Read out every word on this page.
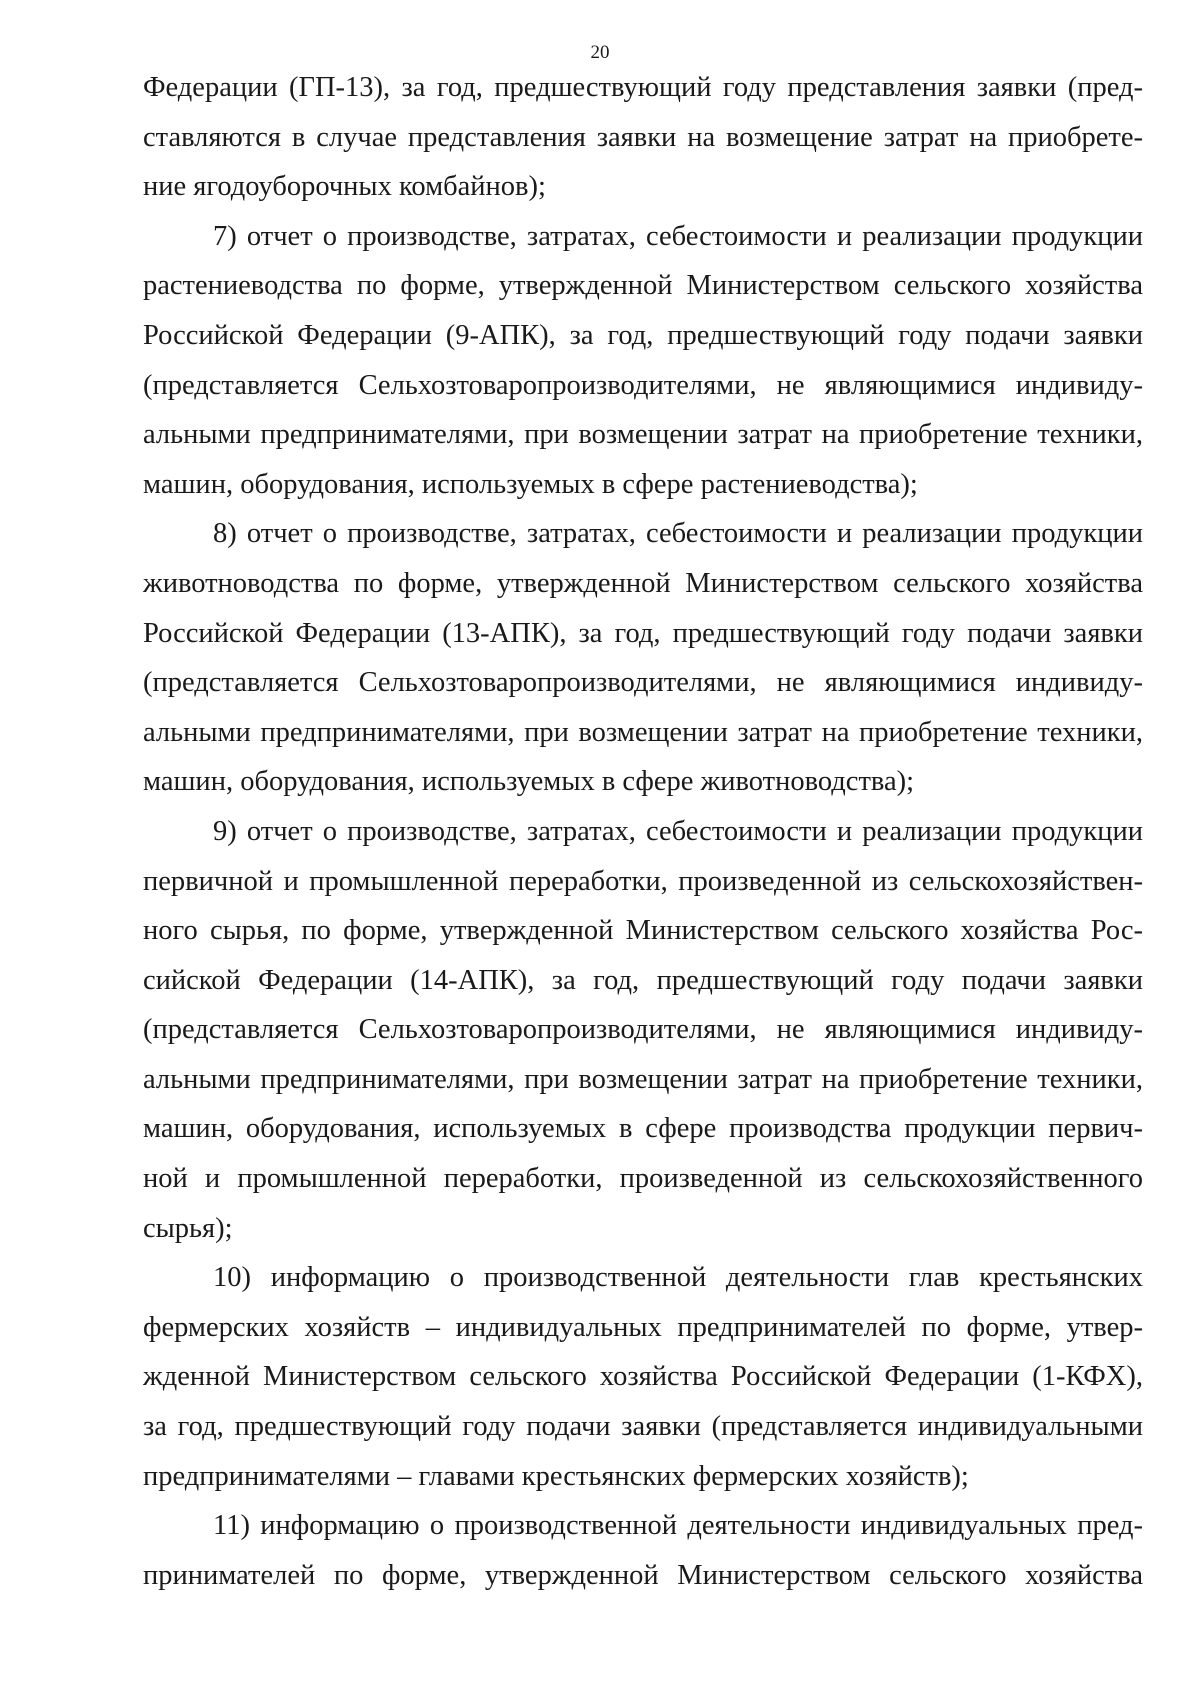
20
Федерации (ГП-13), за год, предшествующий году представления заявки (пред-
ставляются в случае представления заявки на возмещение затрат на приобрете-
ние ягодоуборочных комбайнов);
7) отчет о производстве, затратах, себестоимости и реализации продукции
растениеводства по форме, утвержденной Министерством сельского хозяйства
Российской Федерации (9-АПК), за год, предшествующий году подачи заявки
(представляется Сельхозтоваропроизводителями, не являющимися индивиду-
альными предпринимателями, при возмещении затрат на приобретение техники,
машин, оборудования, используемых в сфере растениеводства);
8) отчет о производстве, затратах, себестоимости и реализации продукции
животноводства по форме, утвержденной Министерством сельского хозяйства
Российской Федерации (13-АПК), за год, предшествующий году подачи заявки
(представляется Сельхозтоваропроизводителями, не являющимися индивиду-
альными предпринимателями, при возмещении затрат на приобретение техники,
машин, оборудования, используемых в сфере животноводства);
9) отчет о производстве, затратах, себестоимости и реализации продукции
первичной и промышленной переработки, произведенной из сельскохозяйствен-
ного сырья, по форме, утвержденной Министерством сельского хозяйства Рос-
сийской Федерации (14-АПК), за год, предшествующий году подачи заявки
(представляется Сельхозтоваропроизводителями, не являющимися индивиду-
альными предпринимателями, при возмещении затрат на приобретение техники,
машин, оборудования, используемых в сфере производства продукции первич-
ной и промышленной переработки, произведенной из сельскохозяйственного
сырья);
10) информацию о производственной деятельности глав крестьянских
фермерских хозяйств – индивидуальных предпринимателей по форме, утвер-
жденной Министерством сельского хозяйства Российской Федерации (1-КФХ),
за год, предшествующий году подачи заявки (представляется индивидуальными
предпринимателями – главами крестьянских фермерских хозяйств);
11) информацию о производственной деятельности индивидуальных пред-
принимателей по форме, утвержденной Министерством сельского хозяйства
